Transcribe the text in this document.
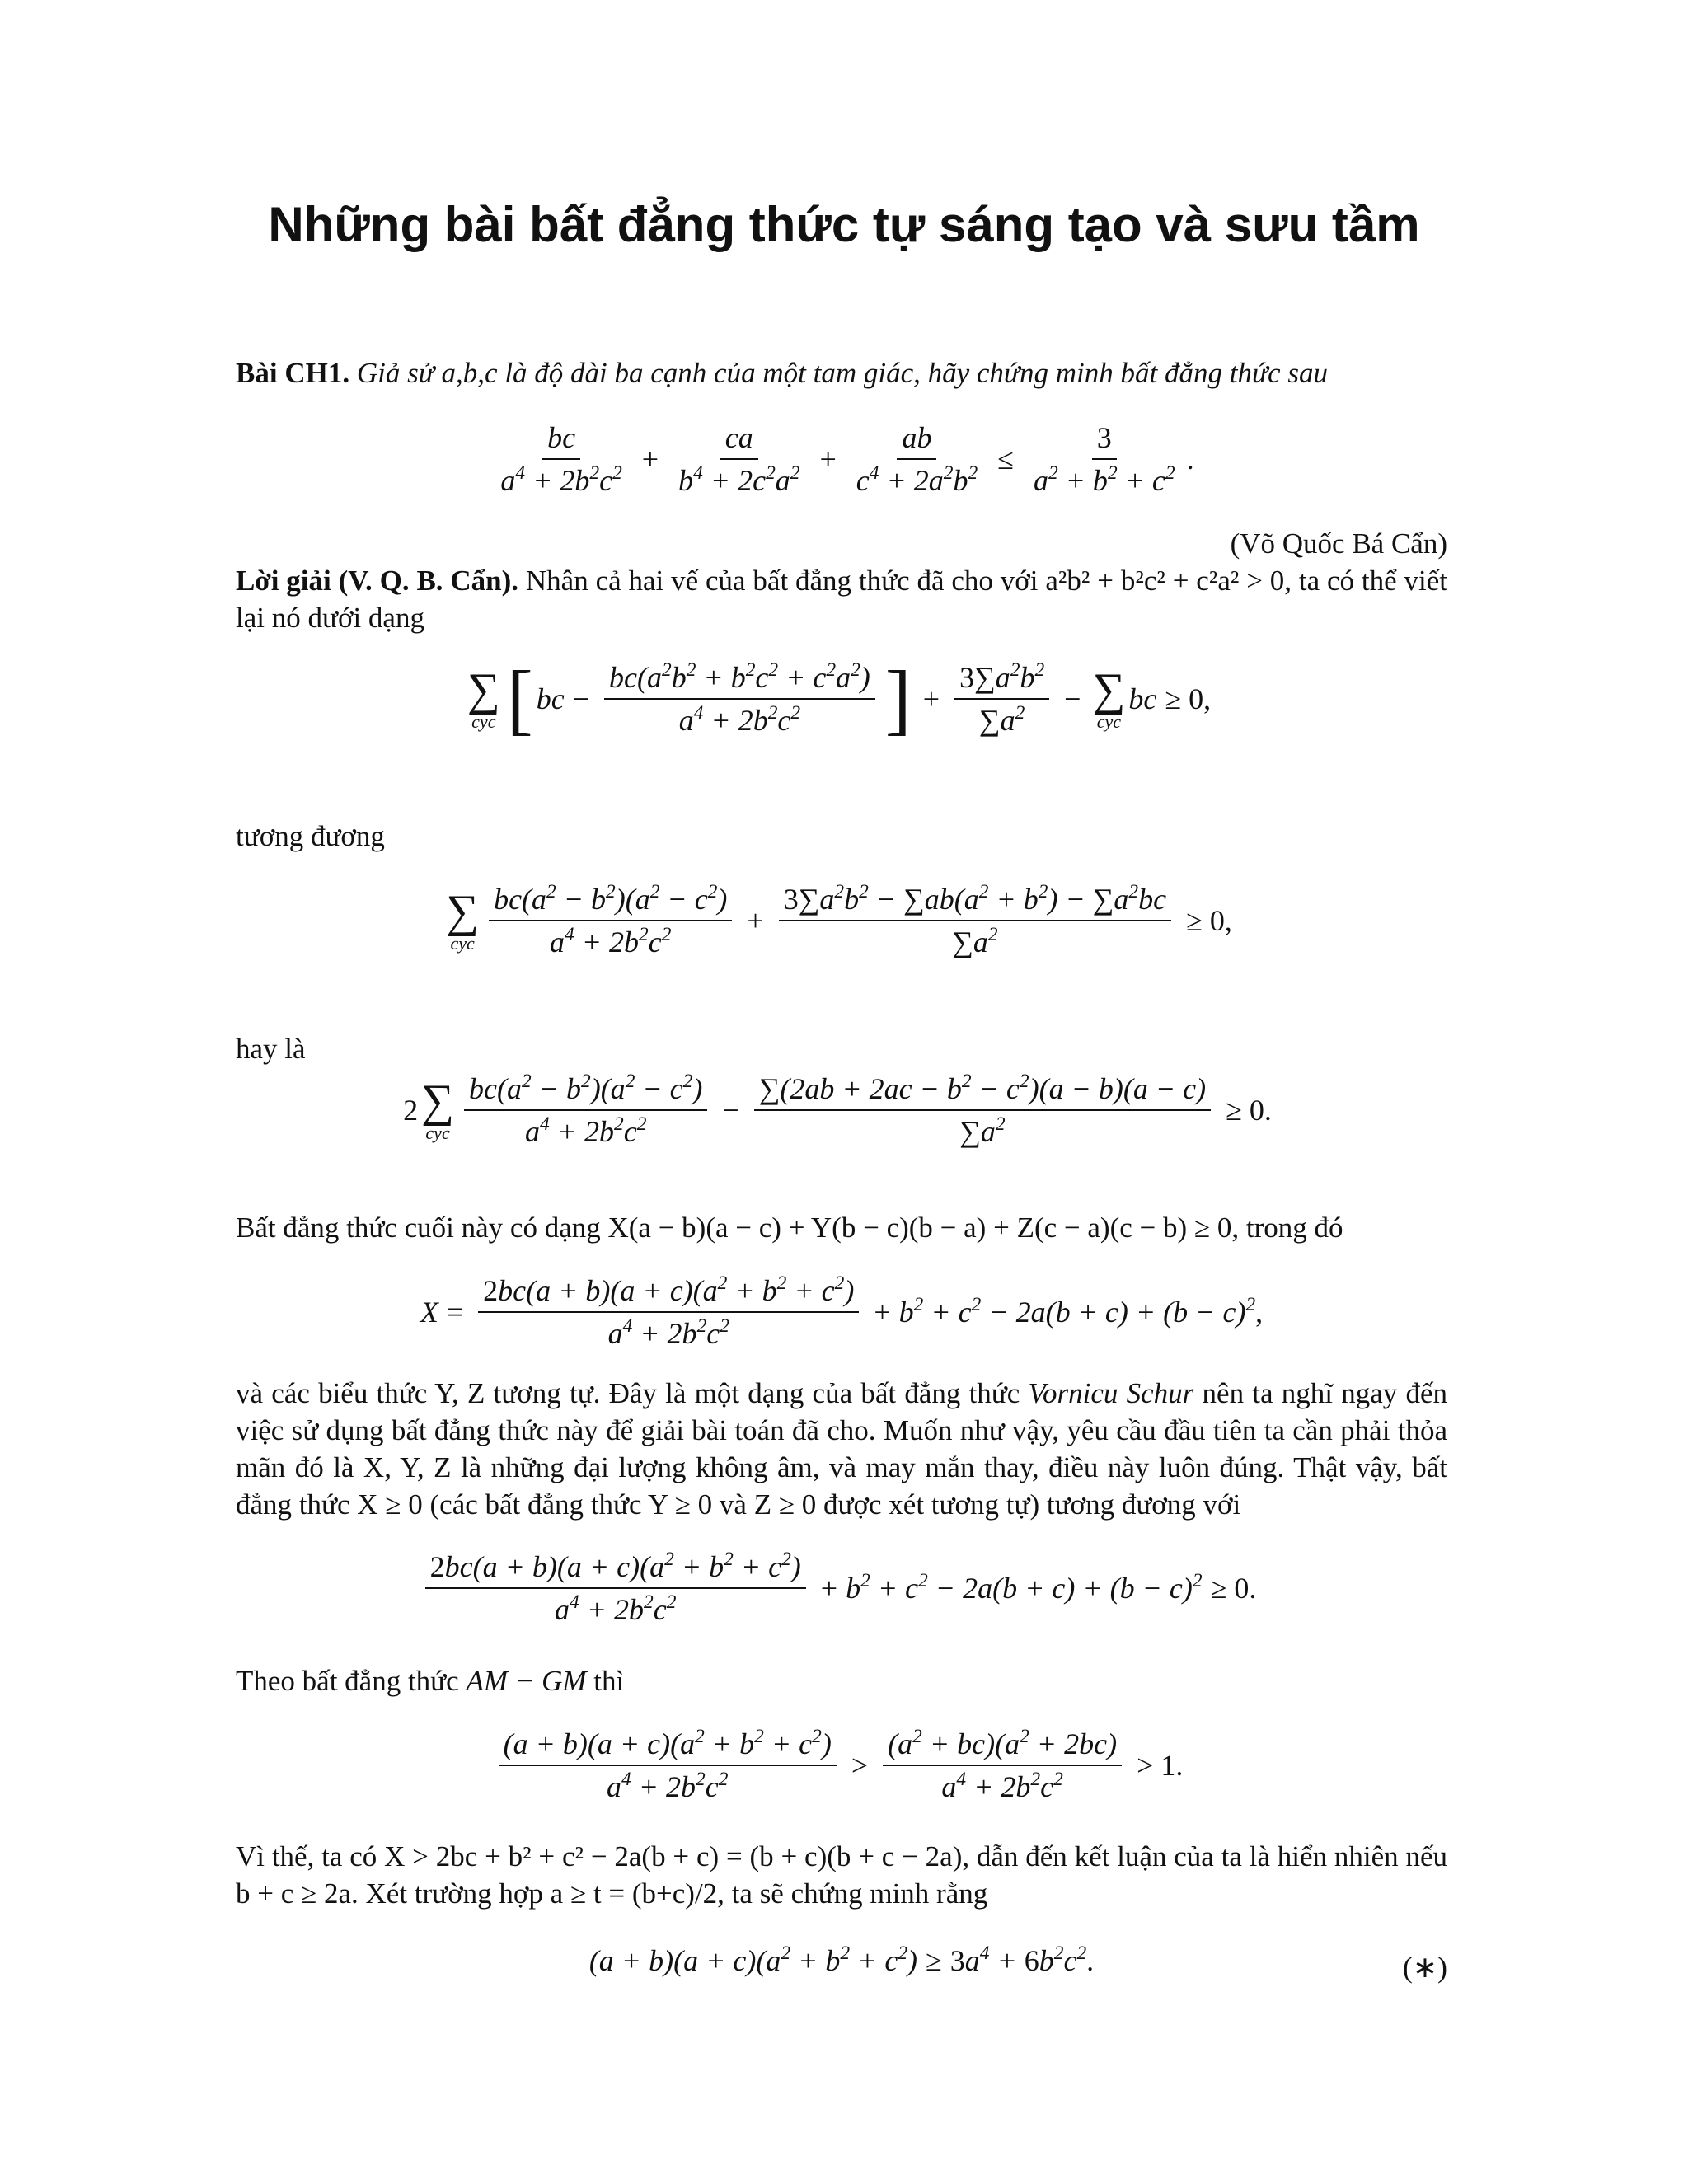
Những bài bất đẳng thức tự sáng tạo và sưu tầm
Bài CH1. Giả sử a,b,c là độ dài ba cạnh của một tam giác, hãy chứng minh bất đẳng thức sau
$\frac{bc}{a^4 + 2b^2c^2} + \frac{ca}{b^4 + 2c^2a^2} + \frac{ab}{c^4 + 2a^2b^2} \le \frac{3}{a^2 + b^2 + c^2}$ .
(Võ Quốc Bá Cẩn)
Lời giải (V. Q. B. Cẩn). Nhân cả hai vế của bất đẳng thức đã cho với a²b² + b²c² + c²a² > 0, ta có thể viết lại nó dưới dạng
∑
cyc [ bc − $\frac{bc(a^2b^2 + b^2c^2 + c^2a^2)}{a^4 + 2b^2c^2}$ ] + $\frac{3\sum a^2b^2}{\sum a^2}$ − ∑
cyc
bc ≥ 0,
tương đương
∑
cyc $\frac{bc(a^2 - b^2)(a^2 - c^2)}{a^4 + 2b^2c^2} + \frac{3\sum a^2b^2 - \sum ab(a^2 + b^2) - \sum a^2bc}{\sum a^2} \ge 0$,
hay là
2 ∑
cyc $\frac{bc(a^2 - b^2)(a^2 - c^2)}{a^4 + 2b^2c^2} - \frac{\sum(2ab + 2ac - b^2 - c^2)(a - b)(a - c)}{\sum a^2} \ge 0$.
Bất đẳng thức cuối này có dạng X(a − b)(a − c) + Y(b − c)(b − a) + Z(c − a)(c − b) ≥ 0, trong đó
$X = \frac{2bc(a + b)(a + c)(a^2 + b^2 + c^2)}{a^4 + 2b^2c^2} + b^2 + c^2 - 2a(b + c) + (b - c)^2$ ,
và các biểu thức Y, Z tương tự. Đây là một dạng của bất đẳng thức Vornicu Schur nên ta nghĩ ngay đến việc sử dụng bất đẳng thức này để giải bài toán đã cho. Muốn như vậy, yêu cầu đầu tiên ta cần phải thỏa mãn đó là X, Y, Z là những đại lượng không âm, và may mắn thay, điều này luôn đúng. Thật vậy, bất đẳng thức X ≥ 0 (các bất đẳng thức Y ≥ 0 và Z ≥ 0 được xét tương tự) tương đương với
$\frac{2bc(a + b)(a + c)(a^2 + b^2 + c^2)}{a^4 + 2b^2c^2} + b^2 + c^2 - 2a(b + c) + (b - c)^2 \ge 0$.
Theo bất đẳng thức AM − GM thì
$\frac{(a + b)(a + c)(a^2 + b^2 + c^2)}{a^4 + 2b^2c^2} > \frac{(a^2 + bc)(a^2 + 2bc)}{a^4 + 2b^2c^2} > 1$.
Vì thế, ta có X > 2bc + b² + c² − 2a(b + c) = (b + c)(b + c − 2a), dẫn đến kết luận của ta là hiển nhiên nếu b + c ≥ 2a. Xét trường hợp a ≥ t = (b+c)/2, ta sẽ chứng minh rằng
$(a + b)(a + c)(a^2 + b^2 + c^2) \ge 3a^4 + 6b^2c^2$ .	(∗)
